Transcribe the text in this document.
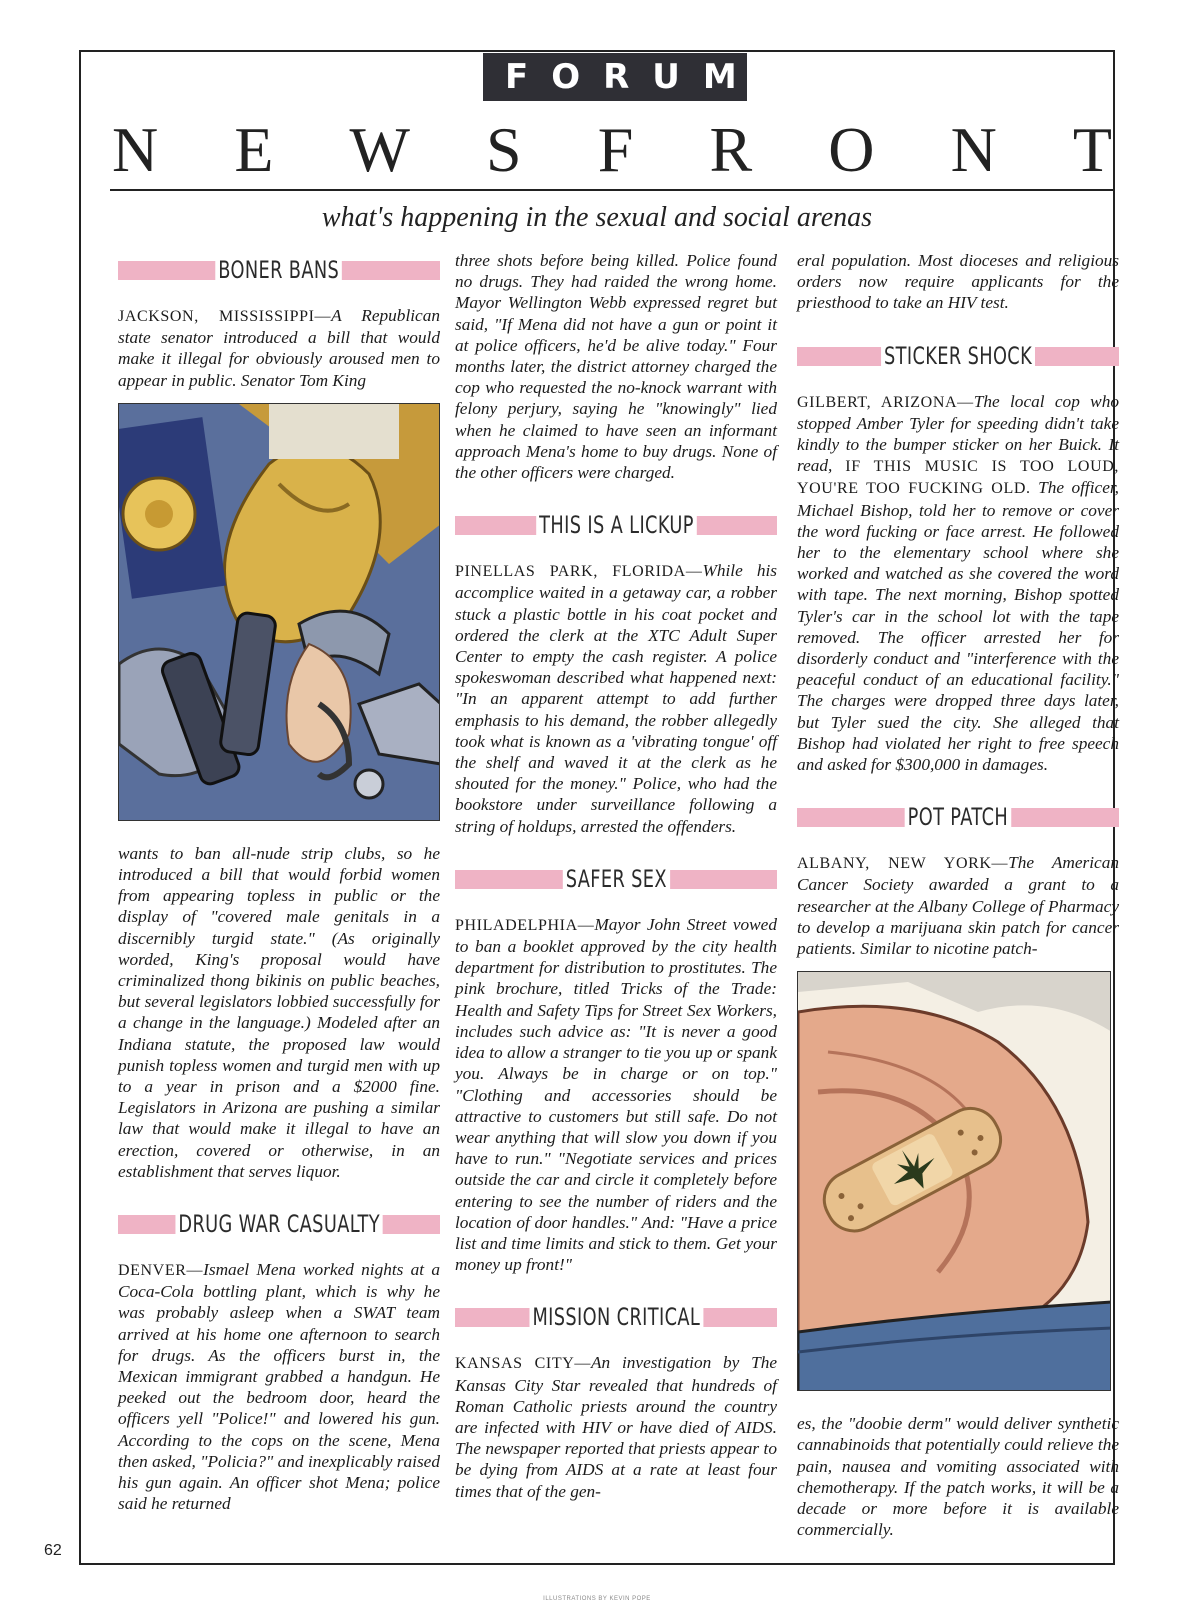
FORUM
N E W S F R O N T
what's happening in the sexual and social arenas
BONER BANS

JACKSON, MISSISSIPPI—A Republican state senator introduced a bill that would make it illegal for obviously aroused men to appear in public. Senator Tom King

wants to ban all-nude strip clubs, so he introduced a bill that would forbid women from appearing topless in public or the display of "covered male genitals in a discernibly turgid state." (As originally worded, King's proposal would have criminalized thong bikinis on public beaches, but several legislators lobbied successfully for a change in the language.) Modeled after an Indiana statute, the proposed law would punish topless women and turgid men with up to a year in prison and a $2000 fine. Legislators in Arizona are pushing a similar law that would make it illegal to have an erection, covered or otherwise, in an establishment that serves liquor.

DRUG WAR CASUALTY

DENVER—Ismael Mena worked nights at a Coca-Cola bottling plant, which is why he was probably asleep when a SWAT team arrived at his home one afternoon to search for drugs. As the officers burst in, the Mexican immigrant grabbed a handgun. He peeked out the bedroom door, heard the officers yell "Police!" and lowered his gun. According to the cops on the scene, Mena then asked, "Policia?" and inexplicably raised his gun again. An officer shot Mena; police said he returned

three shots before being killed. Police found no drugs. They had raided the wrong home. Mayor Wellington Webb expressed regret but said, "If Mena did not have a gun or point it at police officers, he'd be alive today." Four months later, the district attorney charged the cop who requested the no-knock warrant with felony perjury, saying he "knowingly" lied when he claimed to have seen an informant approach Mena's home to buy drugs. None of the other officers were charged.

THIS IS A LICKUP

PINELLAS PARK, FLORIDA—While his accomplice waited in a getaway car, a robber stuck a plastic bottle in his coat pocket and ordered the clerk at the XTC Adult Super Center to empty the cash register. A police spokeswoman described what happened next: "In an apparent attempt to add further emphasis to his demand, the robber allegedly took what is known as a 'vibrating tongue' off the shelf and waved it at the clerk as he shouted for the money." Police, who had the bookstore under surveillance following a string of holdups, arrested the offenders.

SAFER SEX

PHILADELPHIA—Mayor John Street vowed to ban a booklet approved by the city health department for distribution to prostitutes. The pink brochure, titled Tricks of the Trade: Health and Safety Tips for Street Sex Workers, includes such advice as: "It is never a good idea to allow a stranger to tie you up or spank you. Always be in charge or on top." "Clothing and accessories should be attractive to customers but still safe. Do not wear anything that will slow you down if you have to run." "Negotiate services and prices outside the car and circle it completely before entering to see the number of riders and the location of door handles." And: "Have a price list and time limits and stick to them. Get your money up front!"

MISSION CRITICAL

KANSAS CITY—An investigation by The Kansas City Star revealed that hundreds of Roman Catholic priests around the country are infected with HIV or have died of AIDS. The newspaper reported that priests appear to be dying from AIDS at a rate at least four times that of the gen-

eral population. Most dioceses and religious orders now require applicants for the priesthood to take an HIV test.

STICKER SHOCK

GILBERT, ARIZONA—The local cop who stopped Amber Tyler for speeding didn't take kindly to the bumper sticker on her Buick. It read, IF THIS MUSIC IS TOO LOUD, YOU'RE TOO FUCKING OLD. The officer, Michael Bishop, told her to remove or cover the word fucking or face arrest. He followed her to the elementary school where she worked and watched as she covered the word with tape. The next morning, Bishop spotted Tyler's car in the school lot with the tape removed. The officer arrested her for disorderly conduct and "interference with the peaceful conduct of an educational facility." The charges were dropped three days later, but Tyler sued the city. She alleged that Bishop had violated her right to free speech and asked for $300,000 in damages.

POT PATCH

ALBANY, NEW YORK—The American Cancer Society awarded a grant to a researcher at the Albany College of Pharmacy to develop a marijuana skin patch for cancer patients. Similar to nicotine patch-

es, the "doobie derm" would deliver synthetic cannabinoids that potentially could relieve the pain, nausea and vomiting associated with chemotherapy. If the patch works, it will be a decade or more before it is available commercially.

62
ILLUSTRATIONS BY KEVIN POPE
